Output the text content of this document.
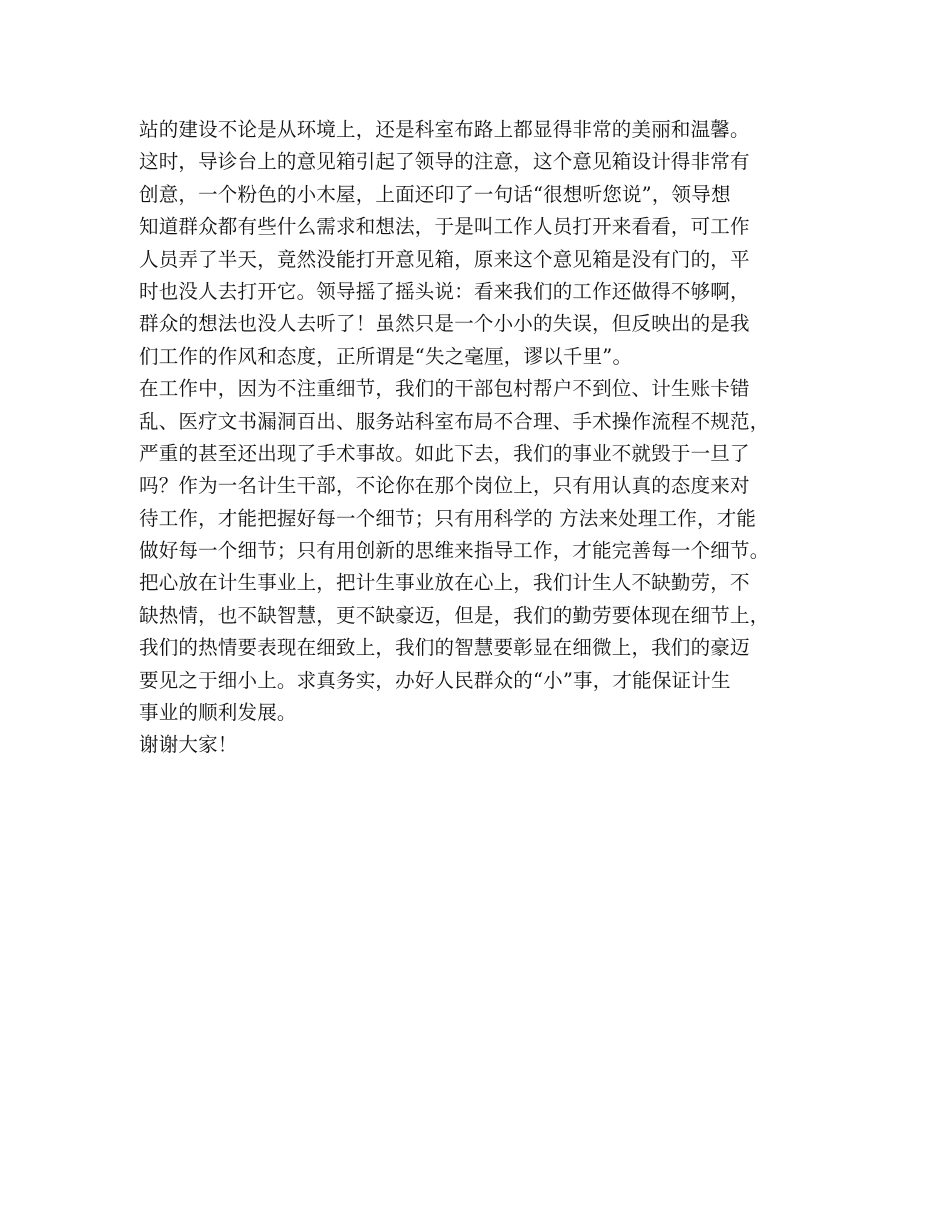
站的建设不论是从环境上，还是科室布路上都显得非常的美丽和温馨。
这时，导诊台上的意见箱引起了领导的注意，这个意见箱设计得非常有
创意，一个粉色的小木屋，上面还印了一句话“很想听您说”，领导想
知道群众都有些什么需求和想法，于是叫工作人员打开来看看，可工作
人员弄了半天，竟然没能打开意见箱，原来这个意见箱是没有门的，平
时也没人去打开它。领导摇了摇头说：看来我们的工作还做得不够啊，
群众的想法也没人去听了！虽然只是一个小小的失误，但反映出的是我
们工作的作风和态度，正所谓是“失之毫厘，谬以千里”。
在工作中，因为不注重细节，我们的干部包村帮户不到位、计生账卡错
乱、医疗文书漏洞百出、服务站科室布局不合理、手术操作流程不规范，
严重的甚至还出现了手术事故。如此下去，我们的事业不就毁于一旦了
吗？作为一名计生干部，不论你在那个岗位上，只有用认真的态度来对
待工作，才能把握好每一个细节；只有用科学的 方法来处理工作，才能
做好每一个细节；只有用创新的思维来指导工作，才能完善每一个细节。
把心放在计生事业上，把计生事业放在心上，我们计生人不缺勤劳，不
缺热情，也不缺智慧，更不缺豪迈，但是，我们的勤劳要体现在细节上，
我们的热情要表现在细致上，我们的智慧要彰显在细微上，我们的豪迈
要见之于细小上。求真务实，办好人民群众的“小”事，才能保证计生
事业的顺利发展。
谢谢大家！
